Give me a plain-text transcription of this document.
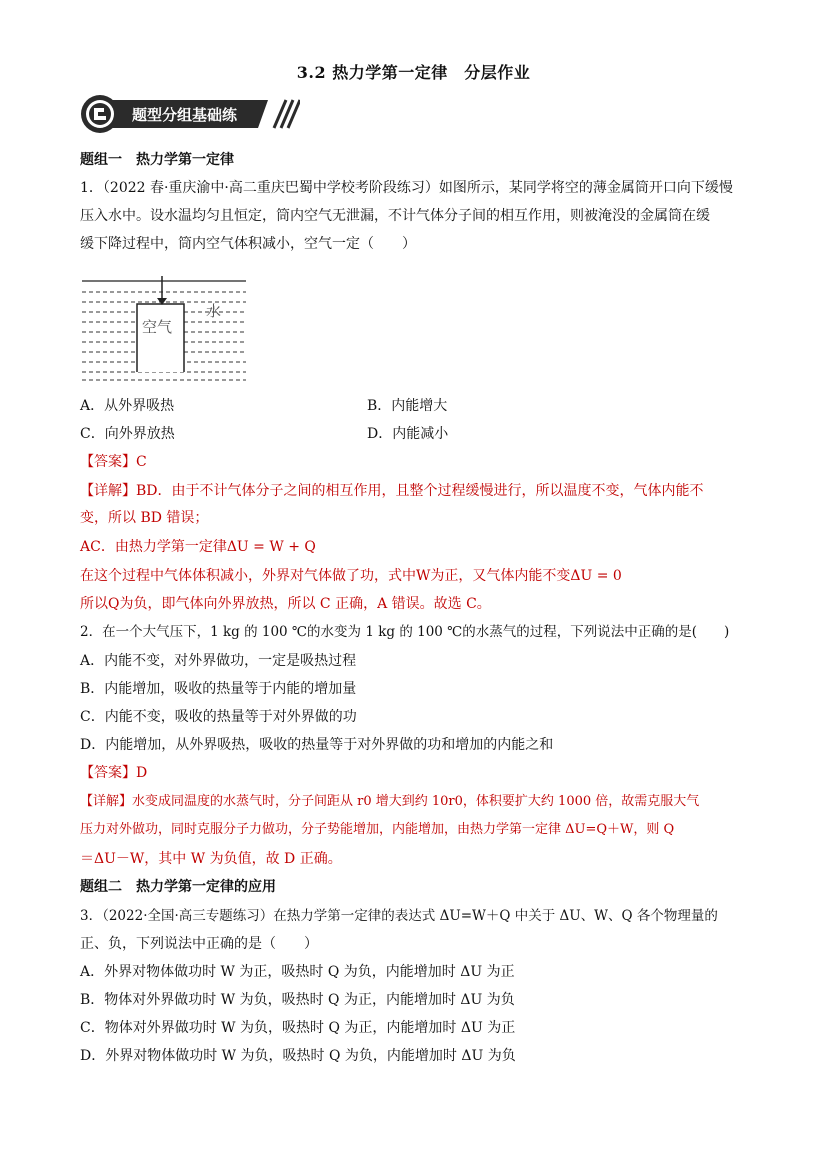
3.2 热力学第一定律　分层作业
题型分组基础练
题组一　热力学第一定律
1．（2022 春·重庆渝中·高二重庆巴蜀中学校考阶段练习）如图所示，某同学将空的薄金属筒开口向下缓慢
压入水中。设水温均匀且恒定，筒内空气无泄漏，不计气体分子间的相互作用，则被淹没的金属筒在缓
缓下降过程中，筒内空气体积减小，空气一定（　　）
空气
水
A．从外界吸热	B．内能增大
C．向外界放热	D．内能减小
【答案】C
【详解】BD．由于不计气体分子之间的相互作用，且整个过程缓慢进行，所以温度不变，气体内能不
变，所以 BD 错误；
AC．由热力学第一定律ΔU = W + Q
在这个过程中气体体积减小，外界对气体做了功，式中W为正，又气体内能不变ΔU = 0
所以Q为负，即气体向外界放热，所以 C 正确，A 错误。故选 C。
2．在一个大气压下，1 kg 的 100 ℃的水变为 1 kg 的 100 ℃的水蒸气的过程，下列说法中正确的是(　　)
A．内能不变，对外界做功，一定是吸热过程
B．内能增加，吸收的热量等于内能的增加量
C．内能不变，吸收的热量等于对外界做的功
D．内能增加，从外界吸热，吸收的热量等于对外界做的功和增加的内能之和
【答案】D
【详解】水变成同温度的水蒸气时，分子间距从 r0 增大到约 10r0，体积要扩大约 1000 倍，故需克服大气
压力对外做功，同时克服分子力做功，分子势能增加，内能增加，由热力学第一定律 ΔU=Q＋W，则 Q
＝ΔU－W，其中 W 为负值，故 D 正确。
题组二　热力学第一定律的应用
3．（2022·全国·高三专题练习）在热力学第一定律的表达式 ΔU=W＋Q 中关于 ΔU、W、Q 各个物理量的
正、负，下列说法中正确的是（　　）
A．外界对物体做功时 W 为正，吸热时 Q 为负，内能增加时 ΔU 为正
B．物体对外界做功时 W 为负，吸热时 Q 为正，内能增加时 ΔU 为负
C．物体对外界做功时 W 为负，吸热时 Q 为正，内能增加时 ΔU 为正
D．外界对物体做功时 W 为负，吸热时 Q 为负，内能增加时 ΔU 为负
